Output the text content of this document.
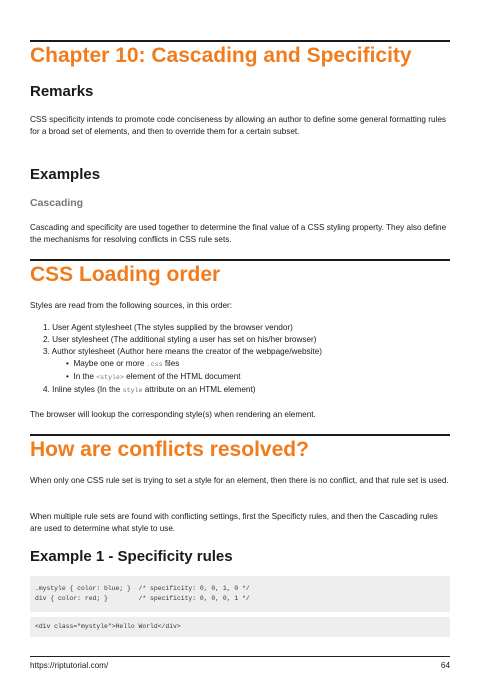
Chapter 10: Cascading and Specificity
Remarks

CSS specificity intends to promote code conciseness by allowing an author to define some general formatting rules for a broad set of elements, and then to override them for a certain subset.

Examples
Cascading

Cascading and specificity are used together to determine the final value of a CSS styling property. They also define the mechanisms for resolving conflicts in CSS rule sets.

CSS Loading order

Styles are read from the following sources, in this order:

1. User Agent stylesheet (The styles supplied by the browser vendor)
2. User stylesheet (The additional styling a user has set on his/her browser)
3. Author stylesheet (Author here means the creator of the webpage/website)
• Maybe one or more .css files
• In the <style> element of the HTML document
4. Inline styles (In the style attribute on an HTML element)

The browser will lookup the corresponding style(s) when rendering an element.

How are conflicts resolved?

When only one CSS rule set is trying to set a style for an element, then there is no conflict, and that rule set is used.

When multiple rule sets are found with conflicting settings, first the Specificty rules, and then the Cascading rules are used to determine what style to use.

Example 1 - Specificity rules
.mystyle { color: blue; }  /* specificity: 0, 0, 1, 0 */
div { color: red; }        /* specificity: 0, 0, 0, 1 */
<div class="mystyle">Hello World</div>
https://riptutorial.com/	64
